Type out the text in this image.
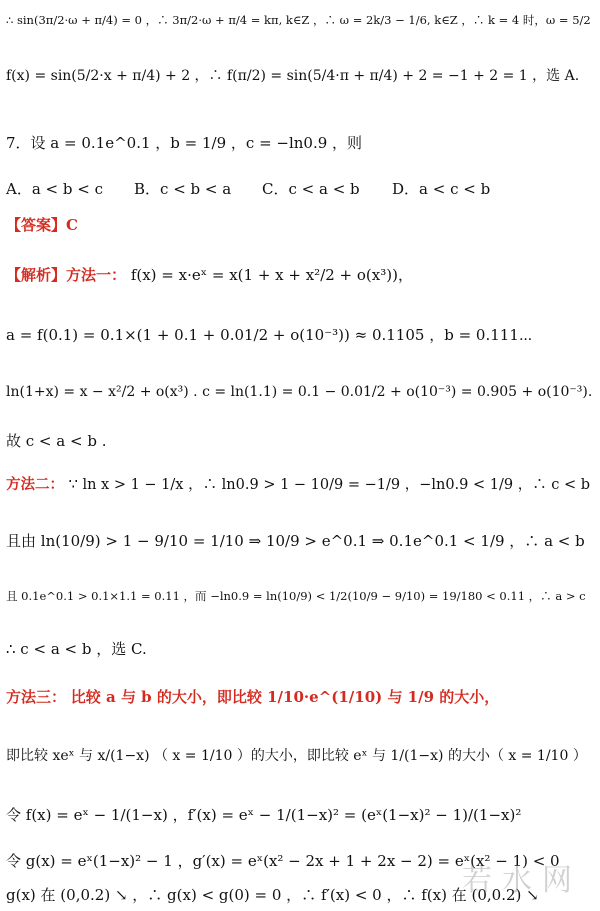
∴ sin(3π/2·ω + π/4) = 0 ，∴ 3π/2·ω + π/4 = kπ, k∈Z ，∴ ω = 2k/3 − 1/6, k∈Z ，∴ k = 4 时，ω = 5/2
f(x) = sin(5/2·x + π/4) + 2 ，∴ f(π/2) = sin(5/4·π + π/4) + 2 = −1 + 2 = 1 ，选 A.
7．设 a = 0.1e^0.1 ，b = 1/9 ，c = −ln0.9 ，则
A．a < b < c B．c < b < a C．c < a < b D．a < c < b
【答案】C
【解析】方法一： f(x) = x·eˣ = x(1 + x + x²/2 + o(x³))，
a = f(0.1) = 0.1×(1 + 0.1 + 0.01/2 + o(10⁻³)) ≈ 0.1105 ，b = 0.111⋯
ln(1+x) = x − x²/2 + o(x³) . c = ln(1.1) = 0.1 − 0.01/2 + o(10⁻³) = 0.905 + o(10⁻³).
故 c < a < b .
方法二： ∵ ln x > 1 − 1/x ，∴ ln0.9 > 1 − 10/9 = −1/9 ，−ln0.9 < 1/9 ，∴ c < b
且由 ln(10/9) > 1 − 9/10 = 1/10 ⇒ 10/9 > e^0.1 ⇒ 0.1e^0.1 < 1/9 ，∴ a < b
且 0.1e^0.1 > 0.1×1.1 = 0.11 ，而 −ln0.9 = ln(10/9) < 1/2(10/9 − 9/10) = 19/180 < 0.11 ，∴ a > c
∴ c < a < b ，选 C.
方法三： 比较 a 与 b 的大小，即比较 1/10·e^(1/10) 与 1/9 的大小，
即比较 xeˣ 与 x/(1−x) （ x = 1/10 ）的大小，即比较 eˣ 与 1/(1−x) 的大小（ x = 1/10 ）
令 f(x) = eˣ − 1/(1−x) ，f′(x) = eˣ − 1/(1−x)² = (eˣ(1−x)² − 1)/(1−x)²
令 g(x) = eˣ(1−x)² − 1 ，g′(x) = eˣ(x² − 2x + 1 + 2x − 2) = eˣ(x² − 1) < 0
g(x) 在 (0,0.2) ↘ ，∴ g(x) < g(0) = 0 ，∴ f′(x) < 0 ，∴ f(x) 在 (0,0.2) ↘
若水网
